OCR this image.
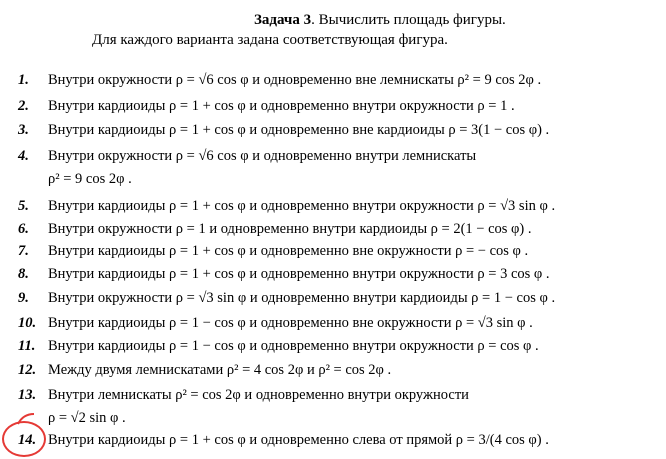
Задача 3. Вычислить площадь фигуры.
Для каждого варианта задана соответствующая фигура.
1. Внутри окружности ρ = √6 cos φ и одновременно вне лемнискаты ρ² = 9 cos 2φ .
2. Внутри кардиоиды ρ = 1 + cos φ и одновременно внутри окружности ρ = 1 .
3. Внутри кардиоиды ρ = 1 + cos φ и одновременно вне кардиоиды ρ = 3(1 − cos φ) .
4. Внутри окружности ρ = √6 cos φ и одновременно внутри лемнискаты
ρ² = 9 cos 2φ .
5. Внутри кардиоиды ρ = 1 + cos φ и одновременно внутри окружности ρ = √3 sin φ .
6. Внутри окружности ρ = 1 и одновременно внутри кардиоиды ρ = 2(1 − cos φ) .
7. Внутри кардиоиды ρ = 1 + cos φ и одновременно вне окружности ρ = − cos φ .
8. Внутри кардиоиды ρ = 1 + cos φ и одновременно внутри окружности ρ = 3 cos φ .
9. Внутри окружности ρ = √3 sin φ и одновременно внутри кардиоиды ρ = 1 − cos φ .
10. Внутри кардиоиды ρ = 1 − cos φ и одновременно вне окружности ρ = √3 sin φ .
11. Внутри кардиоиды ρ = 1 − cos φ и одновременно внутри окружности ρ = cos φ .
12. Между двумя лемнискатами ρ² = 4 cos 2φ и ρ² = cos 2φ .
13. Внутри лемнискаты ρ² = cos 2φ и одновременно внутри окружности
ρ = √2 sin φ .
14. Внутри кардиоиды ρ = 1 + cos φ и одновременно слева от прямой ρ = 3/(4 cos φ) .
